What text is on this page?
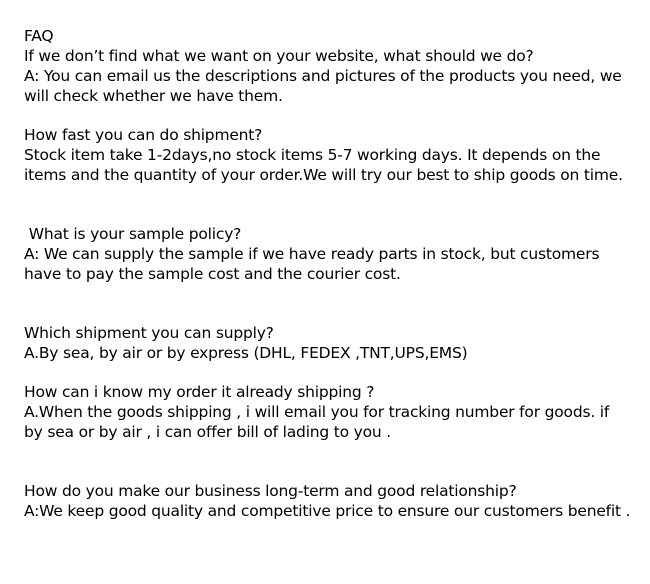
FAQ

If we don’t find what we want on your website, what should we do?

A: You can email us the descriptions and pictures of the products you need, we

will check whether we have them.

How fast you can do shipment?

Stock item take 1-2days,no stock items 5-7 working days. It depends on the

items and the quantity of your order.We will try our best to ship goods on time.

What is your sample policy?

A: We can supply the sample if we have ready parts in stock, but customers

have to pay the sample cost and the courier cost.

Which shipment you can supply?

A.By sea, by air or by express (DHL, FEDEX ,TNT,UPS,EMS)

How can i know my order it already shipping ?

A.When the goods shipping , i will email you for tracking number for goods. if

by sea or by air , i can offer bill of lading to you .

How do you make our business long-term and good relationship?

A:We keep good quality and competitive price to ensure our customers benefit .
